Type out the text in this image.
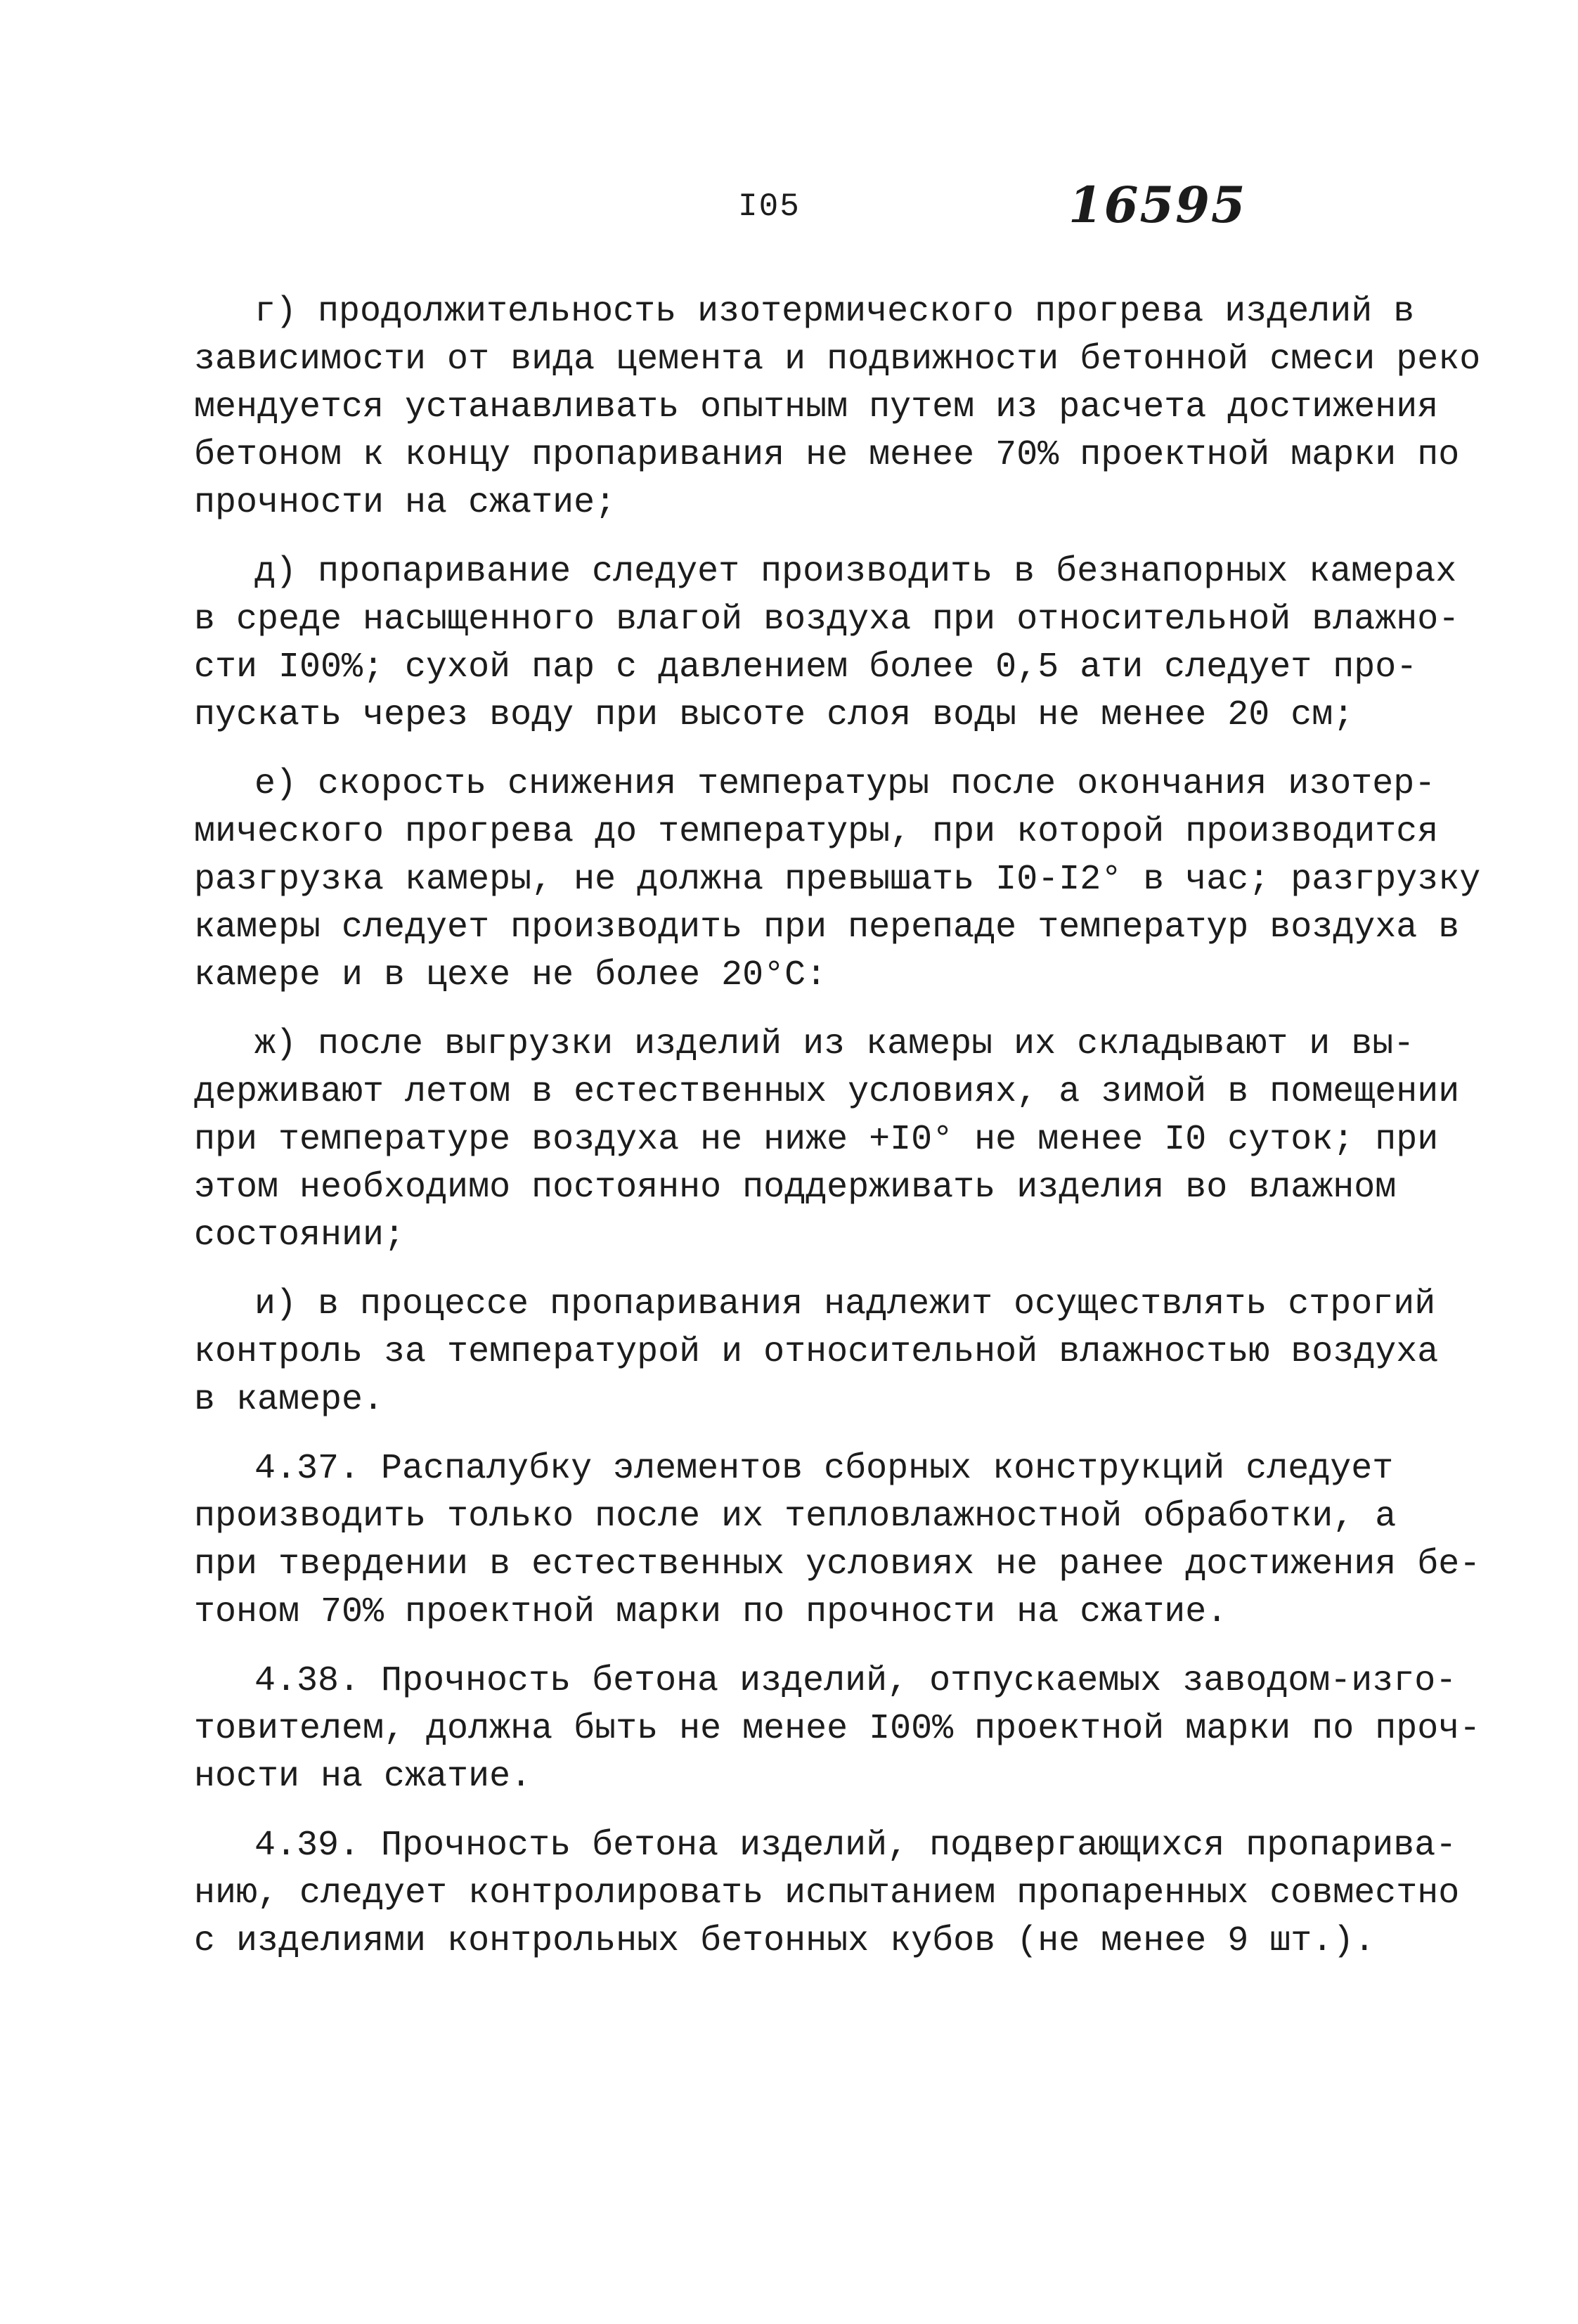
I05	16595
г) продолжительность изотермического прогрева изделий в
зависимости от вида цемента и подвижности бетонной смеси реко
мендуется устанавливать опытным путем из расчета достижения
бетоном к концу пропаривания не менее 70% проектной марки по
прочности на сжатие;
д) пропаривание следует производить в безнапорных камерах
в среде насыщенного влагой воздуха при относительной влажно-
сти I00%; сухой пар с давлением более 0,5 ати следует про-
пускать через воду при высоте слоя воды не менее 20 см;
е) скорость снижения температуры после окончания изотер-
мического прогрева до температуры, при которой производится
разгрузка камеры, не должна превышать I0-I2° в час; разгрузку
камеры следует производить при перепаде температур воздуха в
камере и в цехе не более 20°С:
ж) после выгрузки изделий из камеры их складывают и вы-
держивают летом в естественных условиях, а зимой в помещении
при температуре воздуха не ниже +I0° не менее I0 суток; при
этом необходимо постоянно поддерживать изделия во влажном
состоянии;
и) в процессе пропаривания надлежит осуществлять строгий
контроль за температурой и относительной влажностью воздуха
в камере.
4.37. Распалубку элементов сборных конструкций следует
производить только после их тепловлажностной обработки, а
при твердении в естественных условиях не ранее достижения бе-
тоном 70% проектной марки по прочности на сжатие.
4.38. Прочность бетона изделий, отпускаемых заводом-изго-
товителем, должна быть не менее I00% проектной марки по проч-
ности на сжатие.
4.39. Прочность бетона изделий, подвергающихся пропарива-
нию, следует контролировать испытанием пропаренных совместно
с изделиями контрольных бетонных кубов (не менее 9 шт.).
